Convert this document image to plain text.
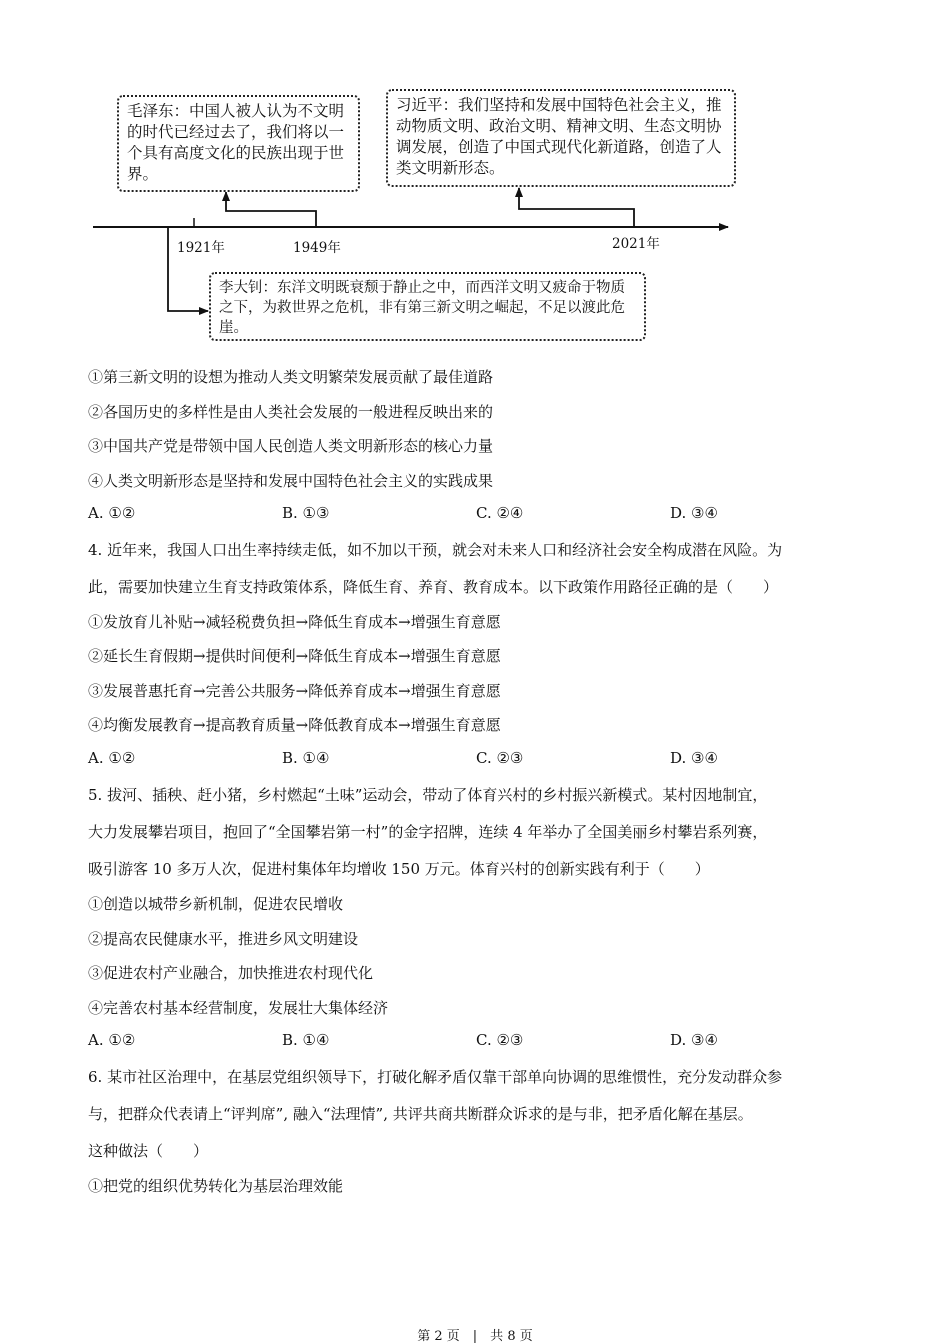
毛泽东：中国人被人认为不文明的时代已经过去了，我们将以一个具有高度文化的民族出现于世界。
习近平：我们坚持和发展中国特色社会主义，推动物质文明、政治文明、精神文明、生态文明协调发展，创造了中国式现代化新道路，创造了人类文明新形态。
李大钊：东洋文明既衰颓于静止之中，而西洋文明又疲命于物质之下，为救世界之危机，非有第三新文明之崛起，不足以渡此危崖。
1921年	1949年	2021年
①第三新文明的设想为推动人类文明繁荣发展贡献了最佳道路
②各国历史的多样性是由人类社会发展的一般进程反映出来的
③中国共产党是带领中国人民创造人类文明新形态的核心力量
④人类文明新形态是坚持和发展中国特色社会主义的实践成果
A. ①②	B. ①③	C. ②④	D. ③④
4. 近年来，我国人口出生率持续走低，如不加以干预，就会对未来人口和经济社会安全构成潜在风险。为
此，需要加快建立生育支持政策体系，降低生育、养育、教育成本。以下政策作用路径正确的是（　　）
①发放育儿补贴→减轻税费负担→降低生育成本→增强生育意愿
②延长生育假期→提供时间便利→降低生育成本→增强生育意愿
③发展普惠托育→完善公共服务→降低养育成本→增强生育意愿
④均衡发展教育→提高教育质量→降低教育成本→增强生育意愿
A. ①②	B. ①④	C. ②③	D. ③④
5. 拔河、插秧、赶小猪，乡村燃起“土味”运动会，带动了体育兴村的乡村振兴新模式。某村因地制宜，
大力发展攀岩项目，抱回了“全国攀岩第一村”的金字招牌，连续 4 年举办了全国美丽乡村攀岩系列赛，
吸引游客 10 多万人次，促进村集体年均增收 150 万元。体育兴村的创新实践有利于（　　）
①创造以城带乡新机制，促进农民增收
②提高农民健康水平，推进乡风文明建设
③促进农村产业融合，加快推进农村现代化
④完善农村基本经营制度，发展壮大集体经济
A. ①②	B. ①④	C. ②③	D. ③④
6. 某市社区治理中，在基层党组织领导下，打破化解矛盾仅靠干部单向协调的思维惯性，充分发动群众参
与，把群众代表请上“评判席”, 融入“法理情”, 共评共商共断群众诉求的是与非，把矛盾化解在基层。
这种做法（　　）
①把党的组织优势转化为基层治理效能
第 2 页　|　共 8 页
